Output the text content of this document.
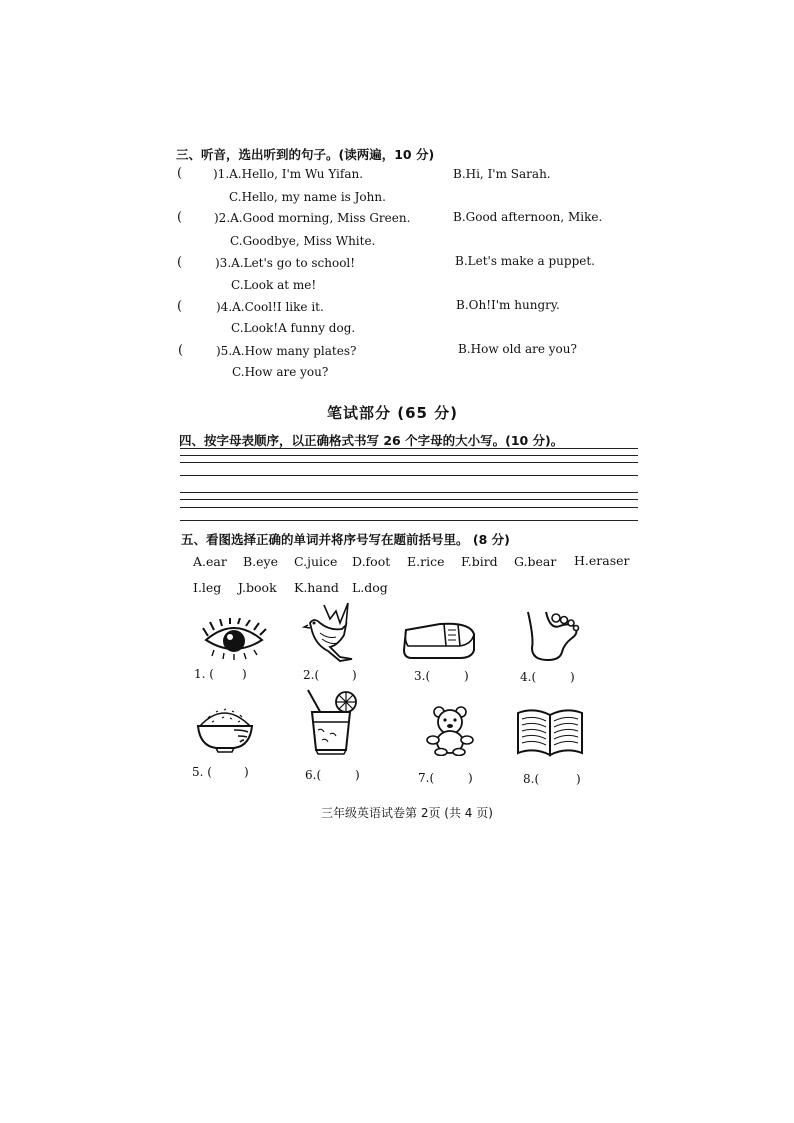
三、听音，选出听到的句子。(读两遍，10 分)
(	)1.A.Hello, I'm Wu Yifan.	B.Hi, I'm Sarah.
C.Hello, my name is John.
(	)2.A.Good morning, Miss Green.	B.Good afternoon, Mike.
C.Goodbye, Miss White.
(	)3.A.Let's go to school!	B.Let's make a puppet.
C.Look at me!
(	)4.A.Cool!I like it.	B.Oh!I'm hungry.
C.Look!A funny dog.
(	)5.A.How many plates?	B.How old are you?
C.How are you?
笔试部分 (65 分)
四、按字母表顺序，以正确格式书写 26 个字母的大小写。(10 分)。
五、看图选择正确的单词并将序号写在题前括号里。 (8 分)
A.ear B.eye C.juice D.foot E.rice F.bird G.bear H.eraser
I.leg J.book K.hand L.dog
1. ( )	2.(	)	3.(	)	4.(	)
5. (	)	6.(	)	7.(	)	8.(	)
三年级英语试卷第 2页 (共 4 页)
